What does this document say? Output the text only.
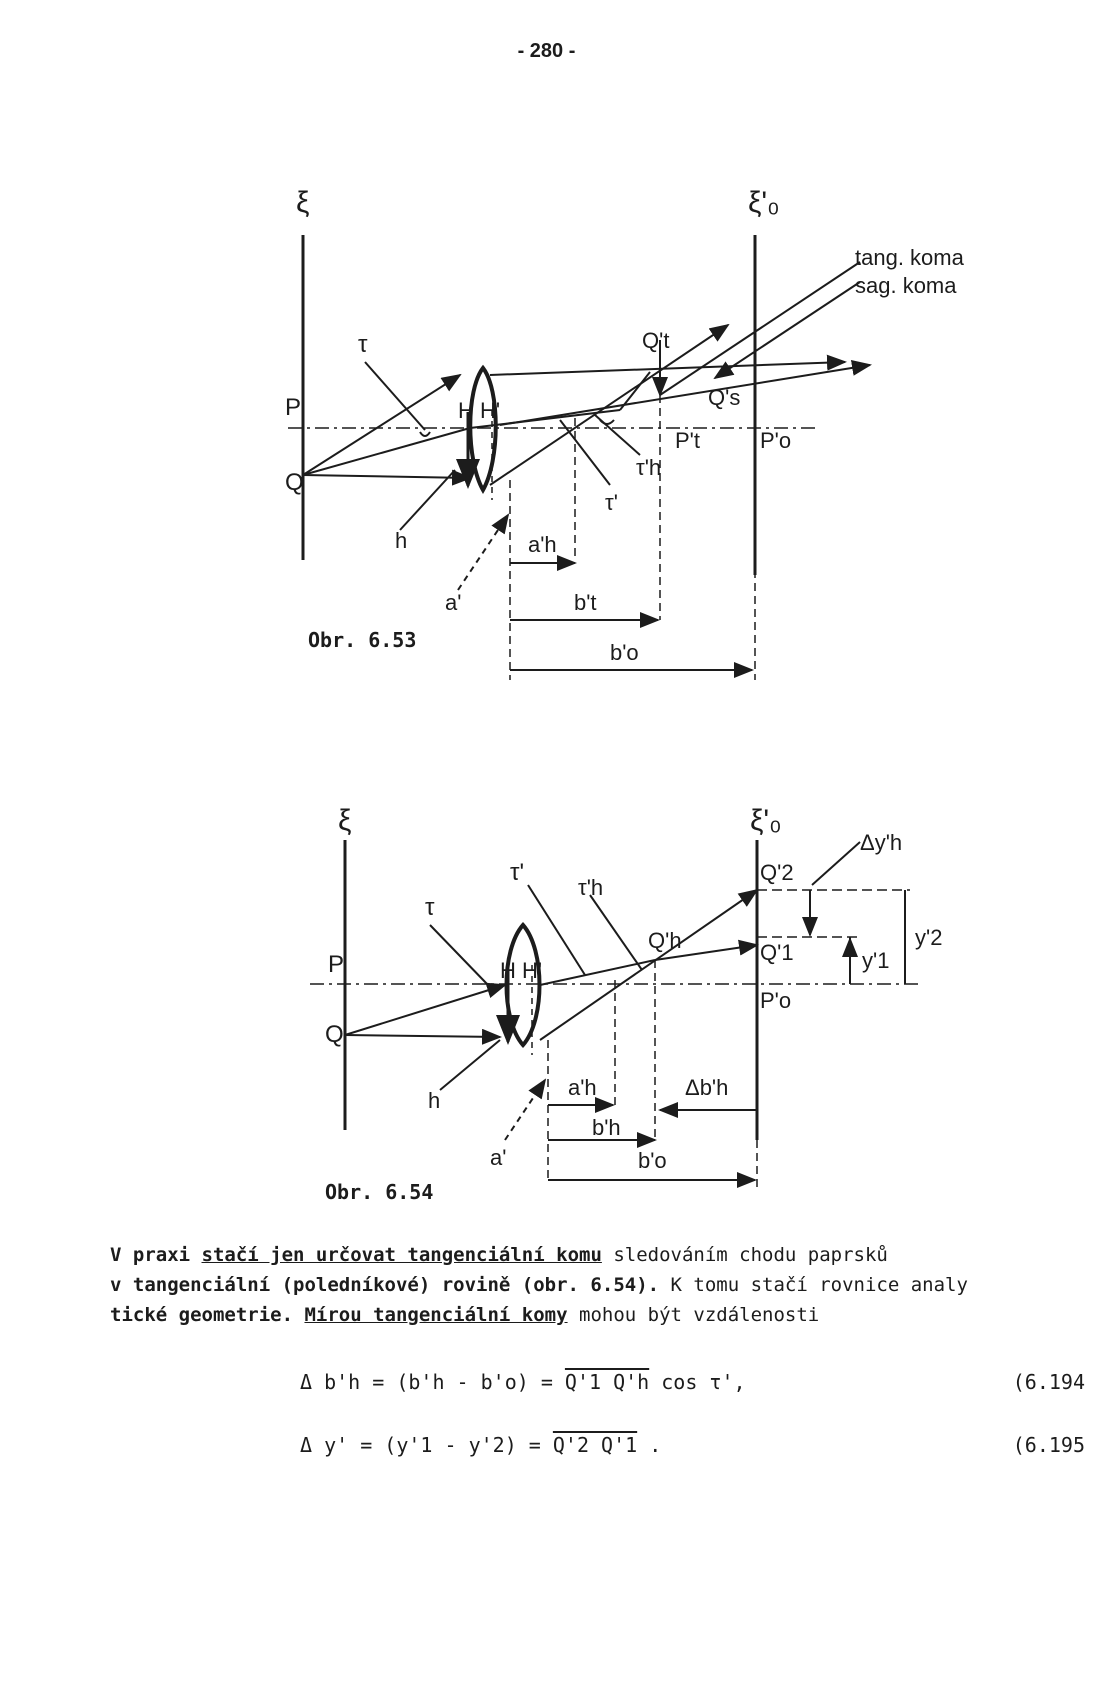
- 280 -
ξ	ξ'₀
tang. koma
sag. koma
τ
P
Q
H H'
Q't
Q's
P't	P'o
τ'h
τ'
h	a'h
a'	b't
b'o
Obr. 6.53
ξ	ξ'₀
Δy'h
τ
τ'
τ'h
Q'2
Q'h	Q'1
y'2
y'1
P
Q
H H'
P'o
h
a'h	Δb'h
a'
b'h
b'o
Obr. 6.54

V praxi stačí jen určovat tangenciální komu sledováním chodu paprsků

v tangenciální (poledníkové) rovině (obr. 6.54). K tomu stačí rovnice analy

tické geometrie. Mírou tangenciální komy mohou být vzdálenosti

Δ b'h = (b'h - b'o) = Q'1 Q'h cos τ',	(6.194
Δ y' = (y'1 - y'2) = Q'2 Q'1 .	(6.195
